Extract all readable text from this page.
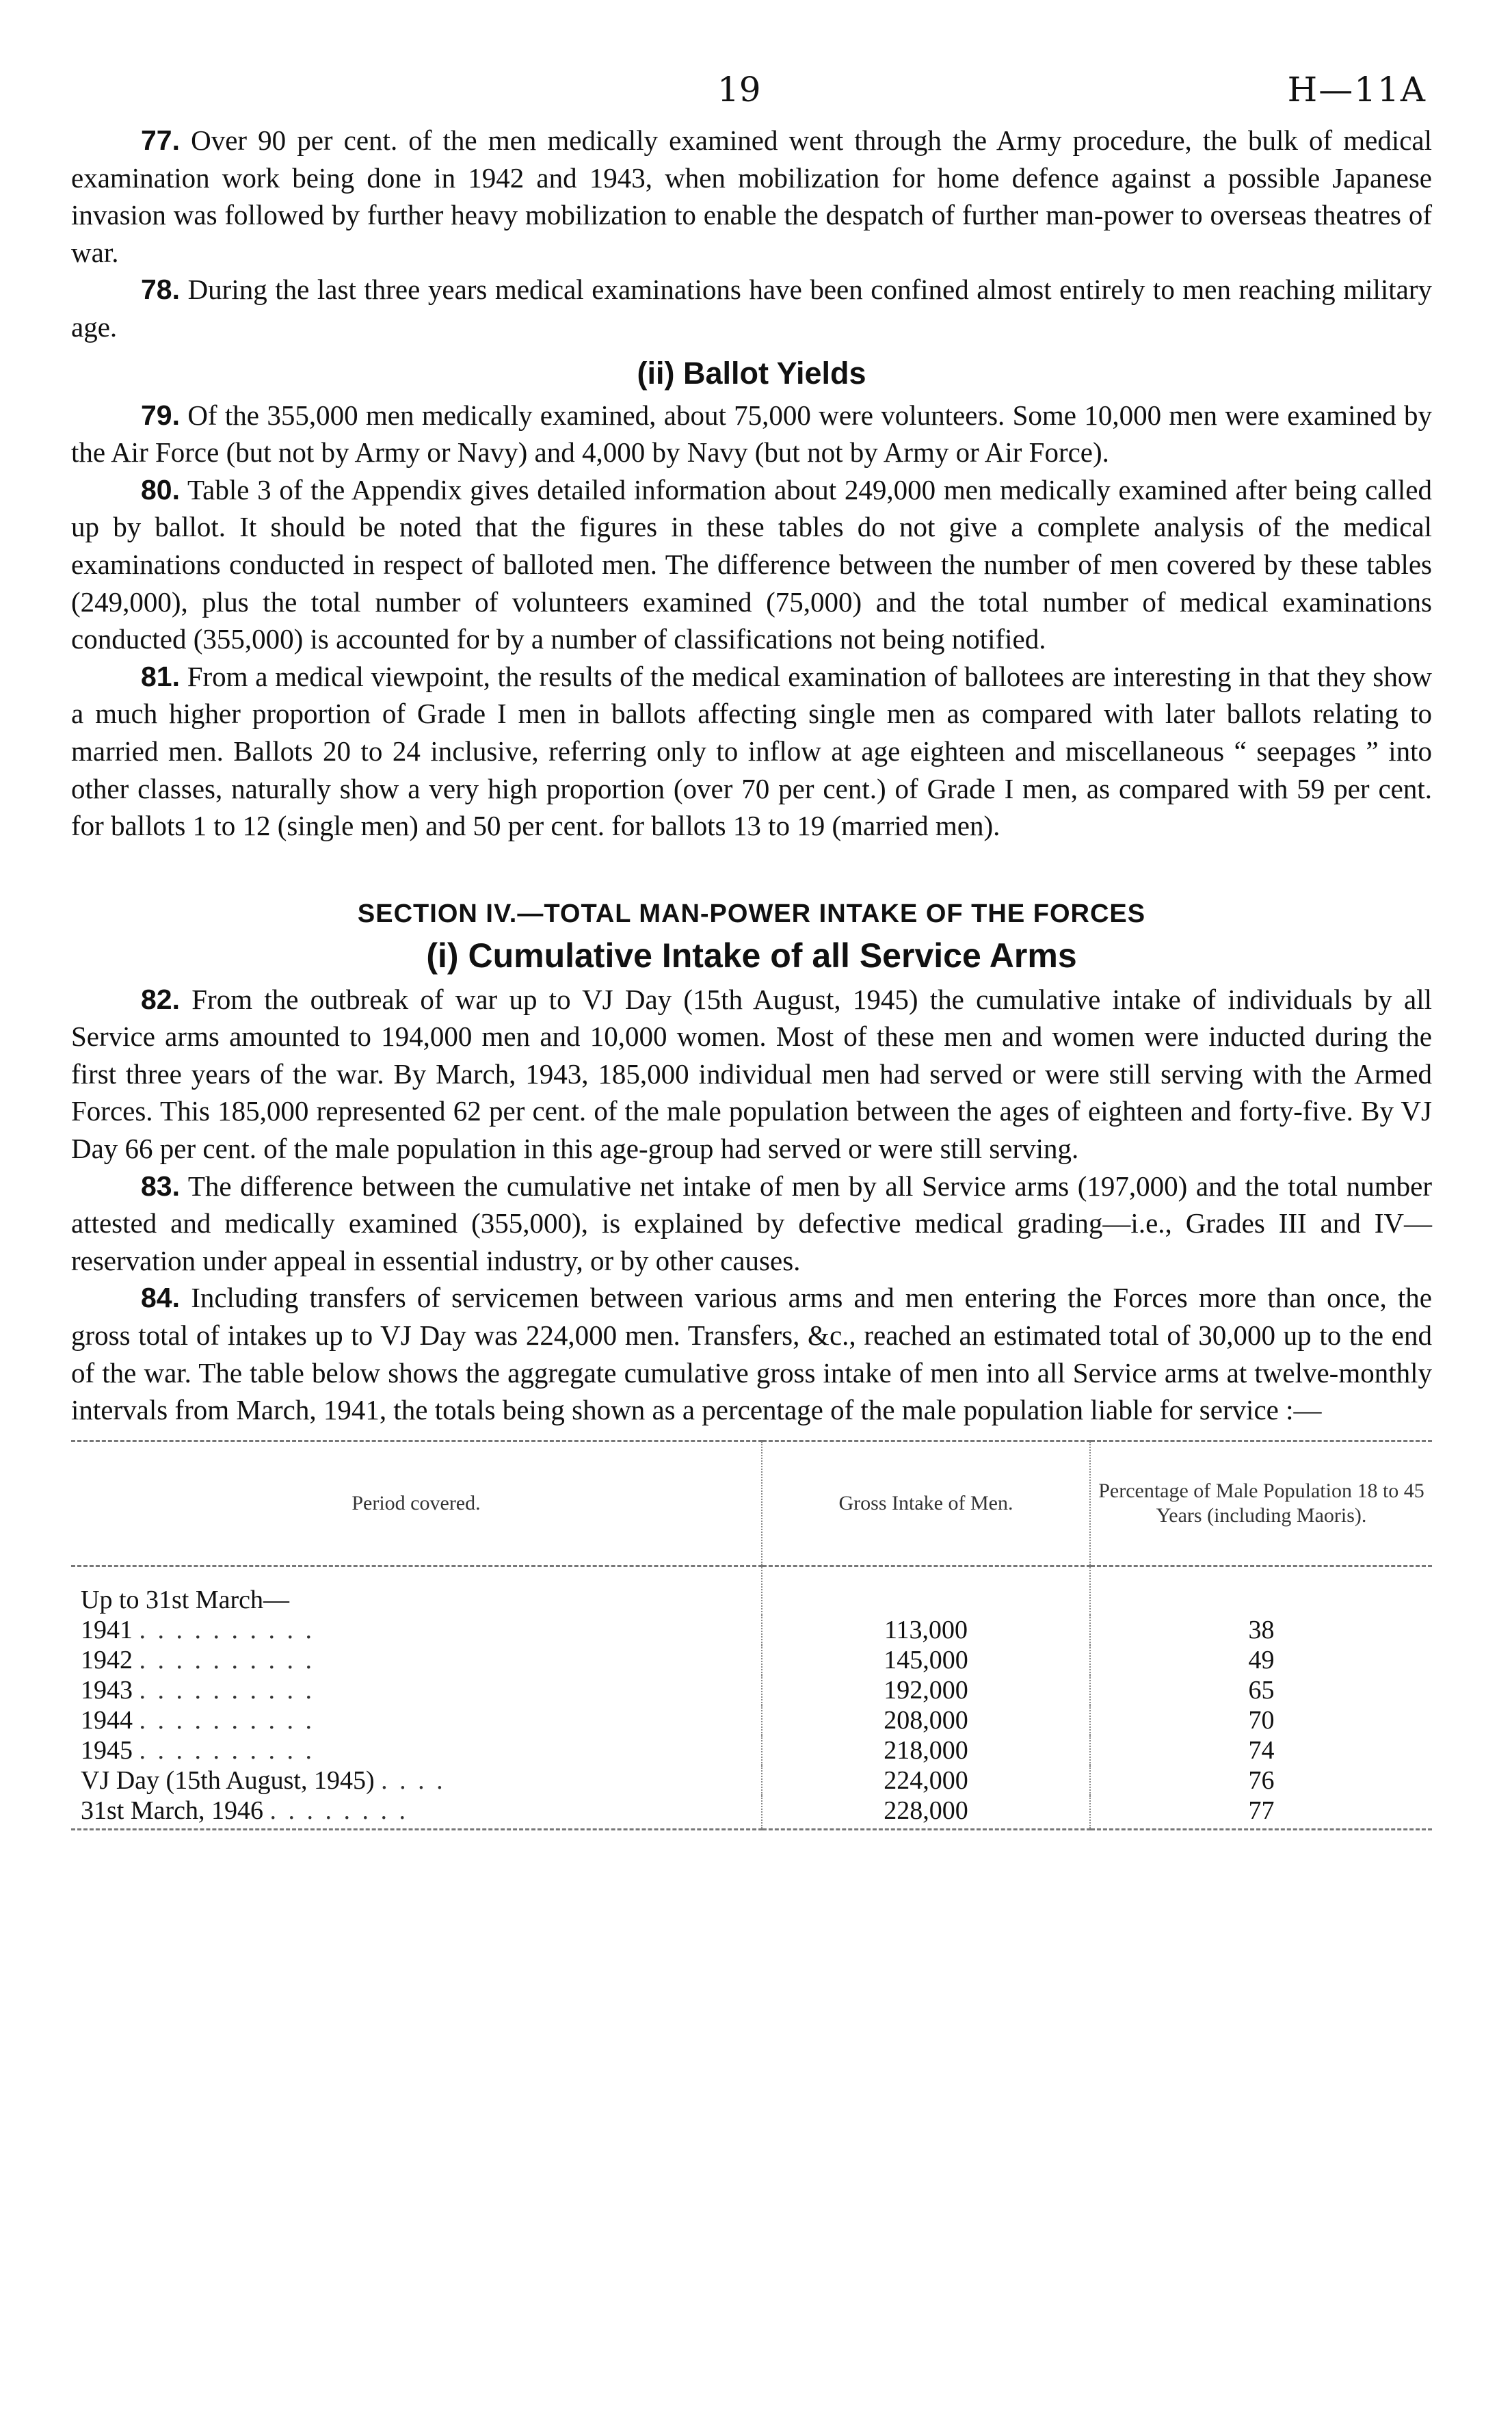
19	H—11A

77. Over 90 per cent. of the men medically examined went through the Army procedure, the bulk of medical examination work being done in 1942 and 1943, when mobilization for home defence against a possible Japanese invasion was followed by further heavy mobilization to enable the despatch of further man-power to overseas theatres of war.

78. During the last three years medical examinations have been confined almost entirely to men reaching military age.

(ii) Ballot Yields

79. Of the 355,000 men medically examined, about 75,000 were volunteers. Some 10,000 men were examined by the Air Force (but not by Army or Navy) and 4,000 by Navy (but not by Army or Air Force).

80. Table 3 of the Appendix gives detailed information about 249,000 men medically examined after being called up by ballot. It should be noted that the figures in these tables do not give a complete analysis of the medical examinations conducted in respect of balloted men. The difference between the number of men covered by these tables (249,000), plus the total number of volunteers examined (75,000) and the total number of medical examinations conducted (355,000) is accounted for by a number of classifications not being notified.

81. From a medical viewpoint, the results of the medical examination of ballotees are interesting in that they show a much higher proportion of Grade I men in ballots affecting single men as compared with later ballots relating to married men. Ballots 20 to 24 inclusive, referring only to inflow at age eighteen and miscellaneous “ seepages ” into other classes, naturally show a very high proportion (over 70 per cent.) of Grade I men, as compared with 59 per cent. for ballots 1 to 12 (single men) and 50 per cent. for ballots 13 to 19 (married men).

SECTION IV.—TOTAL MAN-POWER INTAKE OF THE FORCES
(i) Cumulative Intake of all Service Arms

82. From the outbreak of war up to VJ Day (15th August, 1945) the cumulative intake of individuals by all Service arms amounted to 194,000 men and 10,000 women. Most of these men and women were inducted during the first three years of the war. By March, 1943, 185,000 individual men had served or were still serving with the Armed Forces. This 185,000 represented 62 per cent. of the male population between the ages of eighteen and forty-five. By VJ Day 66 per cent. of the male population in this age-group had served or were still serving.

83. The difference between the cumulative net intake of men by all Service arms (197,000) and the total number attested and medically examined (355,000), is explained by defective medical grading—i.e., Grades III and IV—reservation under appeal in essential industry, or by other causes.

84. Including transfers of servicemen between various arms and men entering the Forces more than once, the gross total of intakes up to VJ Day was 224,000 men. Transfers, &c., reached an estimated total of 30,000 up to the end of the war. The table below shows the aggregate cumulative gross intake of men into all Service arms at twelve-monthly intervals from March, 1941, the totals being shown as a percentage of the male population liable for service :—

Period covered.	Gross Intake of Men.	Percentage of Male Population 18 to 45 Years (including Maoris).
Up to 31st March—		
1941 . . . . . . . . . .	113,000	38
1942 . . . . . . . . . .	145,000	49
1943 . . . . . . . . . .	192,000	65
1944 . . . . . . . . . .	208,000	70
1945 . . . . . . . . . .	218,000	74
VJ Day (15th August, 1945) . . . .	224,000	76
31st March, 1946 . . . . . . . .	228,000	77
